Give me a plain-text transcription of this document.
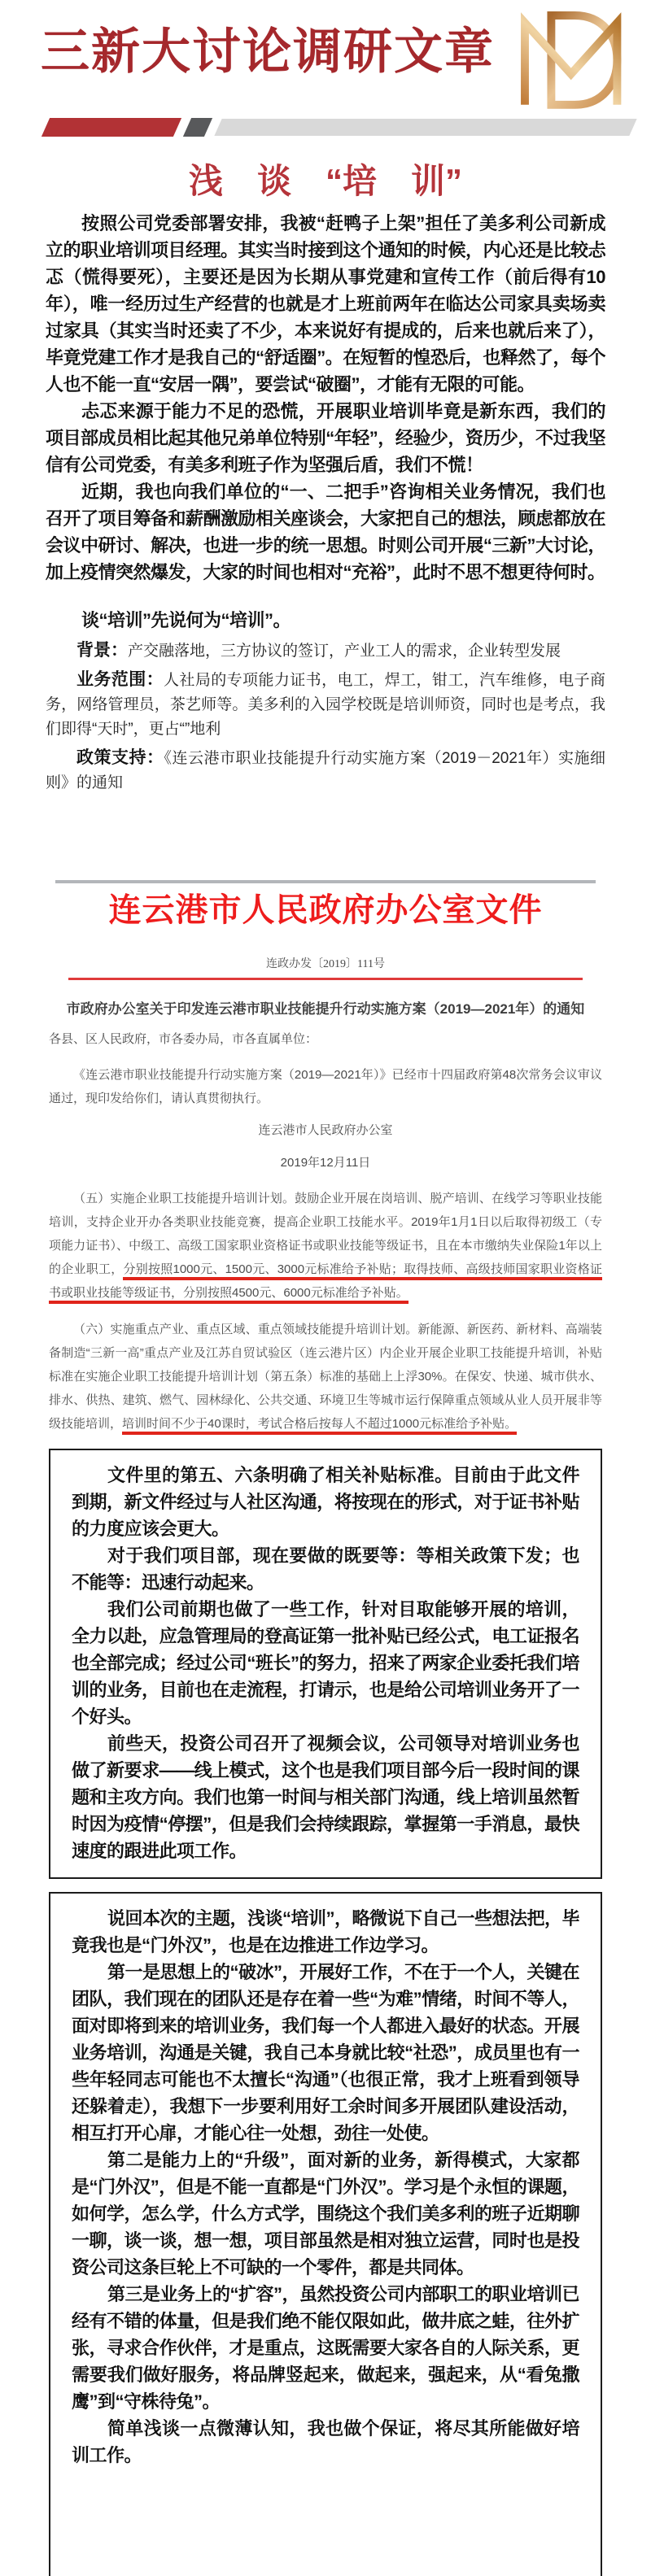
三新大讨论调研文章
浅　谈　“培　训”

按照公司党委部署安排，我被“赶鸭子上架”担任了美多利公司新成立的职业培训项目经理。其实当时接到这个通知的时候，内心还是比较忐忑（慌得要死），主要还是因为长期从事党建和宣传工作（前后得有10年），唯一经历过生产经营的也就是才上班前两年在临达公司家具卖场卖过家具（其实当时还卖了不少，本来说好有提成的，后来也就后来了），毕竟党建工作才是我自己的“舒适圈”。在短暂的惶恐后，也释然了，每个人也不能一直“安居一隅”，要尝试“破圈”，才能有无限的可能。

忐忑来源于能力不足的恐慌，开展职业培训毕竟是新东西，我们的项目部成员相比起其他兄弟单位特别“年轻”，经验少，资历少，不过我坚信有公司党委，有美多利班子作为坚强后盾，我们不慌！

近期，我也向我们单位的“一、二把手”咨询相关业务情况，我们也召开了项目筹备和薪酬激励相关座谈会，大家把自己的想法，顾虑都放在会议中研讨、解决，也进一步的统一思想。时则公司开展“三新”大讨论，加上疫情突然爆发，大家的时间也相对“充裕”，此时不思不想更待何时。

谈“培训”先说何为“培训”。
背景：产交融落地，三方协议的签订，产业工人的需求，企业转型发展
业务范围：人社局的专项能力证书，电工，焊工，钳工，汽车维修，电子商务，网络管理员，茶艺师等。美多利的入园学校既是培训师资，同时也是考点，我们即得“天时”，更占“”地利
政策支持：《连云港市职业技能提升行动实施方案（2019－2021年）实施细则》的通知
连云港市人民政府办公室文件
连政办发〔2019〕111号
市政府办公室关于印发连云港市职业技能提升行动实施方案（2019—2021年）的通知
各县、区人民政府，市各委办局，市各直属单位：
《连云港市职业技能提升行动实施方案（2019—2021年）》已经市十四届政府第48次常务会议审议通过，现印发给你们，请认真贯彻执行。
连云港市人民政府办公室
2019年12月11日
（五）实施企业职工技能提升培训计划。鼓励企业开展在岗培训、脱产培训、在线学习等职业技能培训，支持企业开办各类职业技能竞赛，提高企业职工技能水平。2019年1月1日以后取得初级工（专项能力证书）、中级工、高级工国家职业资格证书或职业技能等级证书，且在本市缴纳失业保险1年以上的企业职工，分别按照1000元、1500元、3000元标准给予补贴；取得技师、高级技师国家职业资格证书或职业技能等级证书，分别按照4500元、6000元标准给予补贴。
（六）实施重点产业、重点区域、重点领域技能提升培训计划。新能源、新医药、新材料、高端装备制造“三新一高”重点产业及江苏自贸试验区（连云港片区）内企业开展企业职工技能提升培训，补贴标准在实施企业职工技能提升培训计划（第五条）标准的基础上上浮30%。在保安、快递、城市供水、排水、供热、建筑、燃气、园林绿化、公共交通、环境卫生等城市运行保障重点领域从业人员开展非等级技能培训，培训时间不少于40课时，考试合格后按每人不超过1000元标准给予补贴。

文件里的第五、六条明确了相关补贴标准。目前由于此文件到期，新文件经过与人社区沟通，将按现在的形式，对于证书补贴的力度应该会更大。

对于我们项目部，现在要做的既要等：等相关政策下发；也不能等：迅速行动起来。

我们公司前期也做了一些工作，针对目取能够开展的培训，全力以赴，应急管理局的登高证第一批补贴已经公式，电工证报名也全部完成；经过公司“班长”的努力，招来了两家企业委托我们培训的业务，目前也在走流程，打请示，也是给公司培训业务开了一个好头。

前些天，投资公司召开了视频会议，公司领导对培训业务也做了新要求——线上模式，这个也是我们项目部今后一段时间的课题和主攻方向。我们也第一时间与相关部门沟通，线上培训虽然暂时因为疫情“停摆”，但是我们会持续跟踪，掌握第一手消息，最快速度的跟进此项工作。

说回本次的主题，浅谈“培训”，略微说下自己一些想法把，毕竟我也是“门外汉”，也是在边推进工作边学习。

第一是思想上的“破冰”，开展好工作，不在于一个人，关键在团队，我们现在的团队还是存在着一些“为难”情绪，时间不等人，面对即将到来的培训业务，我们每一个人都进入最好的状态。开展业务培训，沟通是关键，我自己本身就比较“社恐”，成员里也有一些年轻同志可能也不太擅长“沟通”（也很正常，我才上班看到领导还躲着走），我想下一步要利用好工余时间多开展团队建设活动，相互打开心扉，才能心往一处想，劲往一处使。

第二是能力上的“升级”，面对新的业务，新得模式，大家都是“门外汉”，但是不能一直都是“门外汉”。学习是个永恒的课题，如何学，怎么学，什么方式学，围绕这个我们美多利的班子近期聊一聊，谈一谈，想一想，项目部虽然是相对独立运营，同时也是投资公司这条巨轮上不可缺的一个零件，都是共同体。

第三是业务上的“扩容”，虽然投资公司内部职工的职业培训已经有不错的体量，但是我们绝不能仅限如此，做井底之蛙，往外扩张，寻求合作伙伴，才是重点，这既需要大家各自的人际关系，更需要我们做好服务，将品牌竖起来，做起来，强起来，从“看兔撒鹰”到“守株待兔”。

简单浅谈一点微薄认知，我也做个保证，将尽其所能做好培训工作。
